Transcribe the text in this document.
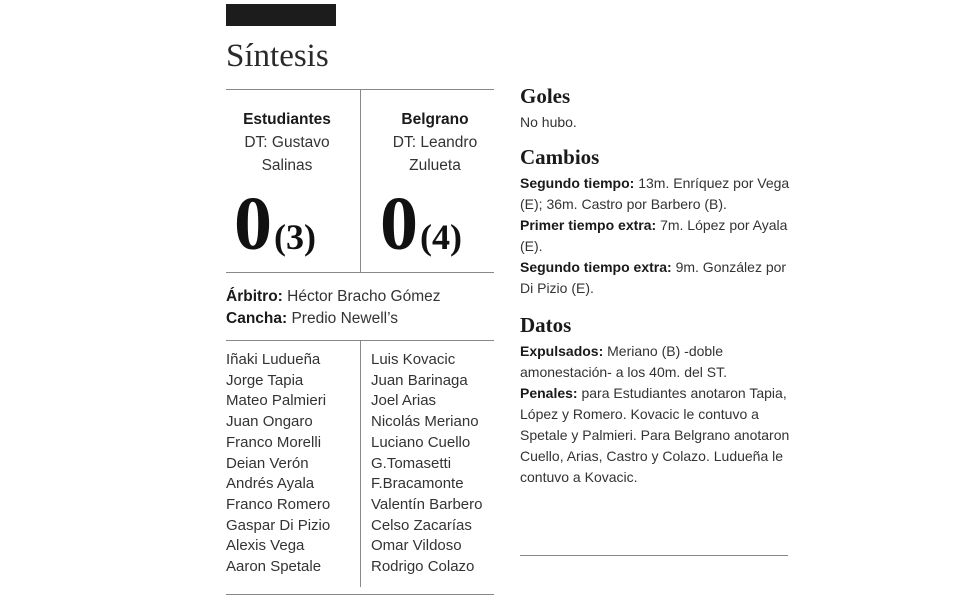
Síntesis
Estudiantes
DT: Gustavo
Salinas
0(3)
Belgrano
DT: Leandro
Zulueta
0(4)
Árbitro: Héctor Bracho Gómez
Cancha: Predio Newell’s
Iñaki Ludueña
Jorge Tapia
Mateo Palmieri
Juan Ongaro
Franco Morelli
Deian Verón
Andrés Ayala
Franco Romero
Gaspar Di Pizio
Alexis Vega
Aaron Spetale
Luis Kovacic
Juan Barinaga
Joel Arias
Nicolás Meriano
Luciano Cuello
G.Tomasetti
F.Bracamonte
Valentín Barbero
Celso Zacarías
Omar Vildoso
Rodrigo Colazo
Goles
No hubo.
Cambios
Segundo tiempo: 13m. Enríquez por Vega (E); 36m. Castro por Barbero (B).
Primer tiempo extra: 7m. López por Ayala (E).
Segundo tiempo extra: 9m. González por Di Pizio (E).
Datos
Expulsados: Meriano (B) -doble amonestación- a los 40m. del ST.
Penales: para Estudiantes anotaron Tapia, López y Romero. Kovacic le contuvo a Spetale y Palmieri. Para Belgrano anotaron Cuello, Arias, Castro y Colazo. Ludueña le contuvo a Kovacic.
